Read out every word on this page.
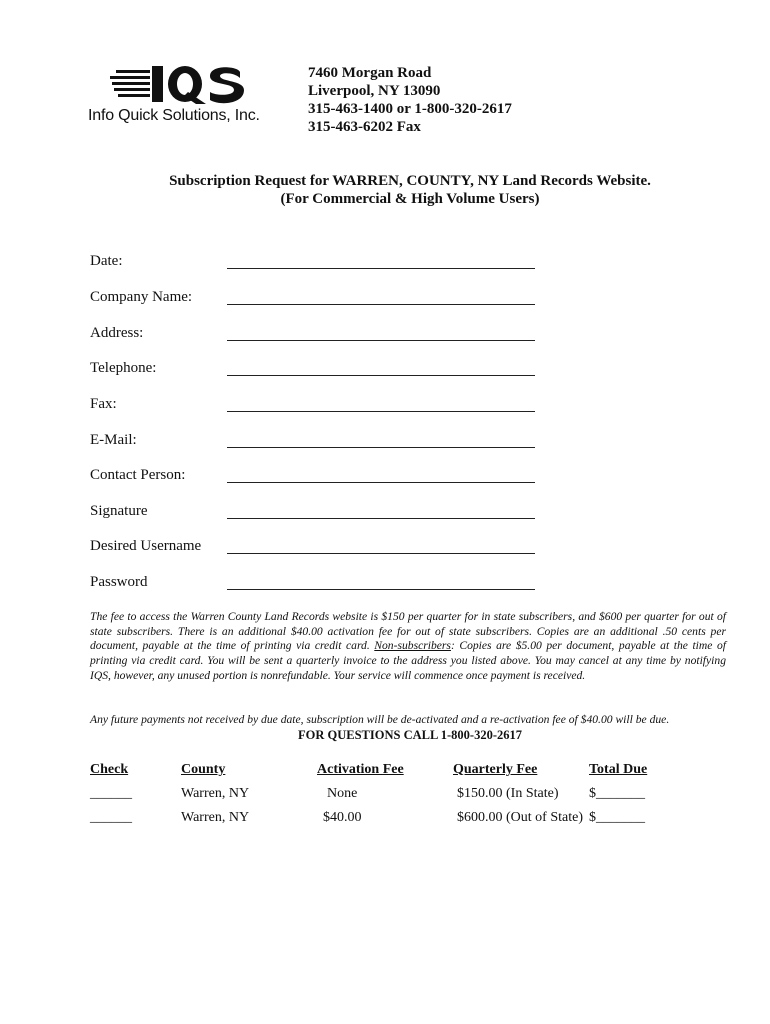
Info Quick Solutions, Inc.
7460 Morgan Road
Liverpool, NY 13090
315-463-1400 or 1-800-320-2617
315-463-6202 Fax
Subscription Request for WARREN, COUNTY, NY Land Records Website.
(For Commercial & High Volume Users)
Date:
Company Name:
Address:
Telephone:
Fax:
E-Mail:
Contact Person:
Signature
Desired Username
Password
The fee to access the Warren County Land Records website is $150 per quarter for in state subscribers, and $600 per quarter for out of state subscribers. There is an additional $40.00 activation fee for out of state subscribers. Copies are an additional .50 cents per document, payable at the time of printing via credit card. Non-subscribers: Copies are $5.00 per document, payable at the time of printing via credit card. You will be sent a quarterly invoice to the address you listed above. You may cancel at any time by notifying IQS, however, any unused portion is nonrefundable. Your service will commence once payment is received.
Any future payments not received by due date, subscription will be de-activated and a re-activation fee of $40.00 will be due.
FOR QUESTIONS CALL 1-800-320-2617
Check	County	Activation Fee	Quarterly Fee	Total Due
______	Warren, NY	None	$150.00 (In State) $_______
______	Warren, NY	$40.00	$600.00 (Out of State) $_______
